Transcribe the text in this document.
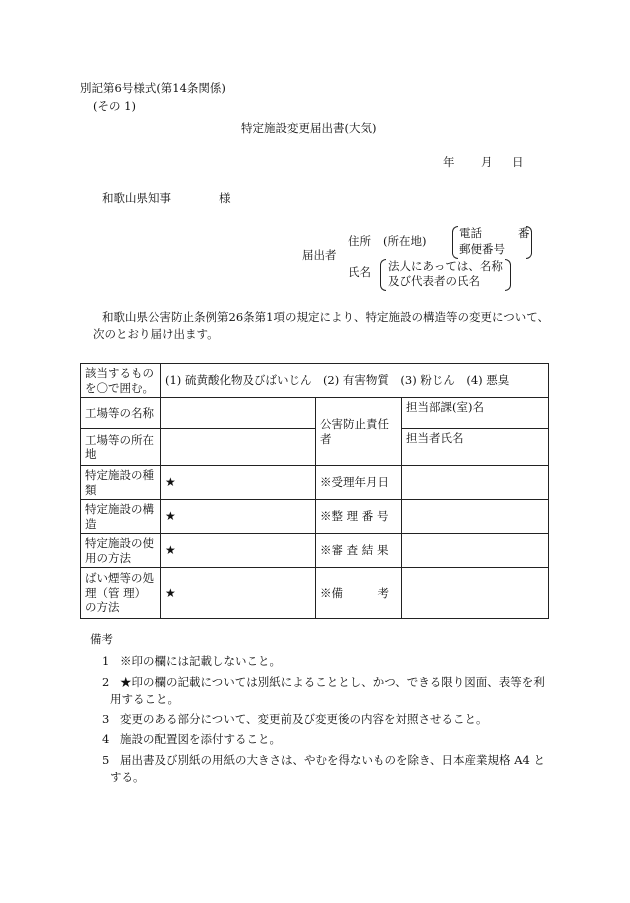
別記第6号様式(第14条関係)
(その 1)
特定施設変更届出書(大気)
年 月 日
和歌山県知事	様
届出者
住所 (所在地)
電話	番
郵便番号
氏名 法人にあっては、名称
及び代表者の氏名
和歌山県公害防止条例第26条第1項の規定により、特定施設の構造等の変更について、
次のとおり届け出ます。
該当するものを〇で囲む。	(1) 硫黄酸化物及びばいじん　(2) 有害物質　(3) 粉じん　(4) 悪臭		
工場等の名称		公害防止責任者	担当部課(室)名
工場等の所在地			担当者氏名
特定施設の種類	★	※受理年月日	
特定施設の構造	★	※整 理 番 号	
特定施設の使用の方法	★	※審 査 結 果	
ばい煙等の処理（管 理）の方法	★	※備　　　考	
備考
1 ※印の欄には記載しないこと。
2 ★印の欄の記載については別紙によることとし、かつ、できる限り図面、表等を利
用すること。
3 変更のある部分について、変更前及び変更後の内容を対照させること。
4 施設の配置図を添付すること。
5 届出書及び別紙の用紙の大きさは、やむを得ないものを除き、日本産業規格 A4 と
する。
